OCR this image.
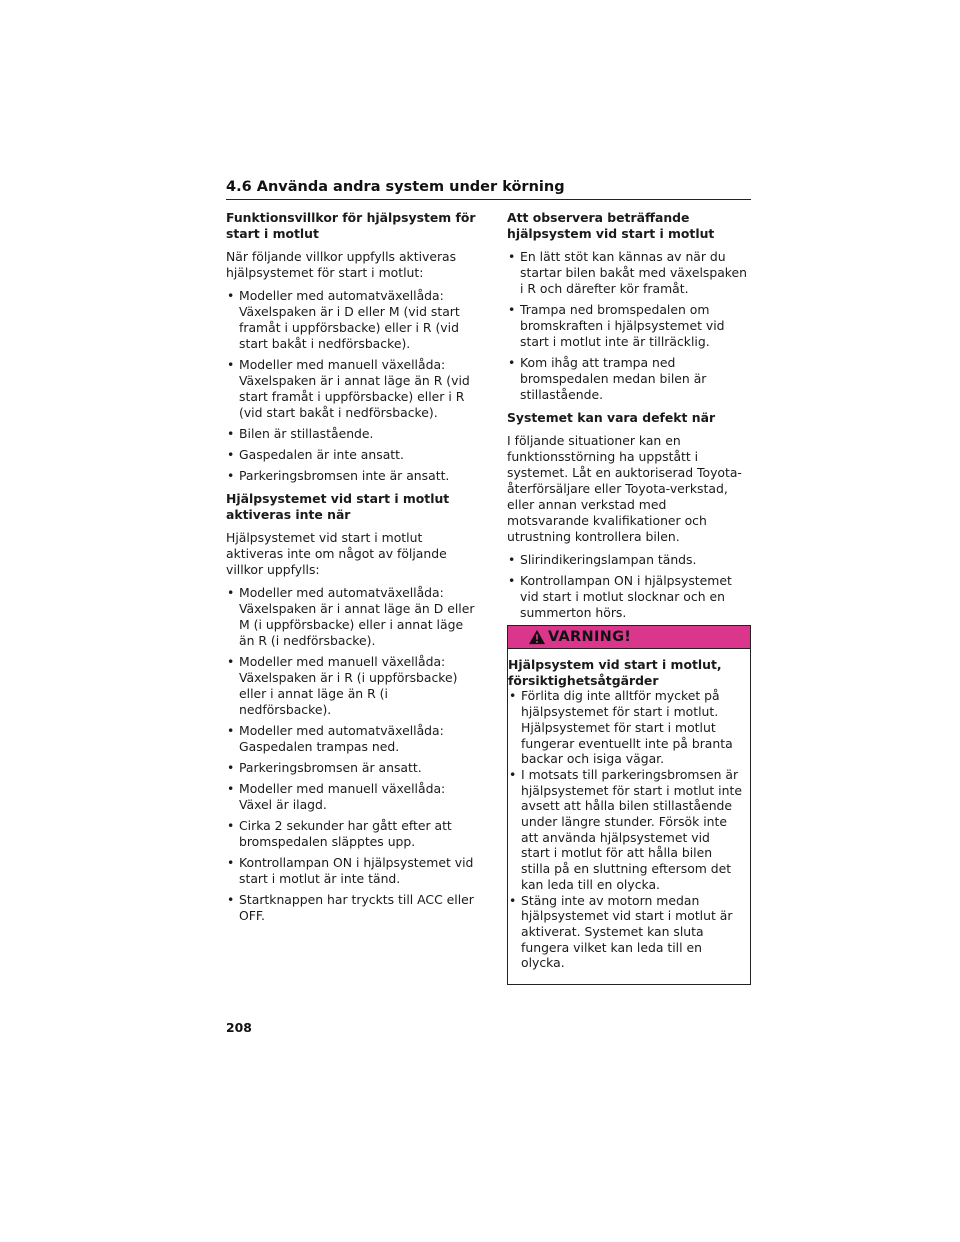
4.6 Använda andra system under körning
Funktionsvillkor för hjälpsystem för start i motlut
När följande villkor uppfylls aktiveras hjälpsystemet för start i motlut:
• Modeller med automatväxellåda: Växelspaken är i D eller M (vid start framåt i uppförsbacke) eller i R (vid start bakåt i nedförsbacke).
• Modeller med manuell växellåda: Växelspaken är i annat läge än R (vid start framåt i uppförsbacke) eller i R (vid start bakåt i nedförsbacke).
• Bilen är stillastående.
• Gaspedalen är inte ansatt.
• Parkeringsbromsen inte är ansatt.
Hjälpsystemet vid start i motlut aktiveras inte när
Hjälpsystemet vid start i motlut aktiveras inte om något av följande villkor uppfylls:
• Modeller med automatväxellåda: Växelspaken är i annat läge än D eller M (i uppförsbacke) eller i annat läge än R (i nedförsbacke).
• Modeller med manuell växellåda: Växelspaken är i R (i uppförsbacke) eller i annat läge än R (i nedförsbacke).
• Modeller med automatväxellåda: Gaspedalen trampas ned.
• Parkeringsbromsen är ansatt.
• Modeller med manuell växellåda: Växel är ilagd.
• Cirka 2 sekunder har gått efter att bromspedalen släpptes upp.
• Kontrollampan ON i hjälpsystemet vid start i motlut är inte tänd.
• Startknappen har tryckts till ACC eller OFF.
Att observera beträffande hjälpsystem vid start i motlut
• En lätt stöt kan kännas av när du startar bilen bakåt med växelspaken i R och därefter kör framåt.
• Trampa ned bromspedalen om bromskraften i hjälpsystemet vid start i motlut inte är tillräcklig.
• Kom ihåg att trampa ned bromspedalen medan bilen är stillastående.
Systemet kan vara defekt när
I följande situationer kan en funktionsstörning ha uppstått i systemet. Låt en auktoriserad Toyota-återförsäljare eller Toyota-verkstad, eller annan verkstad med motsvarande kvalifikationer och utrustning kontrollera bilen.
• Slirindikeringslampan tänds.
• Kontrollampan ON i hjälpsystemet vid start i motlut slocknar och en summerton hörs.
VARNING!
Hjälpsystem vid start i motlut, försiktighetsåtgärder
• Förlita dig inte alltför mycket på hjälpsystemet för start i motlut. Hjälpsystemet för start i motlut fungerar eventuellt inte på branta backar och isiga vägar.
• I motsats till parkeringsbromsen är hjälpsystemet för start i motlut inte avsett att hålla bilen stillastående under längre stunder. Försök inte att använda hjälpsystemet vid start i motlut för att hålla bilen stilla på en sluttning eftersom det kan leda till en olycka.
• Stäng inte av motorn medan hjälpsystemet vid start i motlut är aktiverat. Systemet kan sluta fungera vilket kan leda till en olycka.
208
